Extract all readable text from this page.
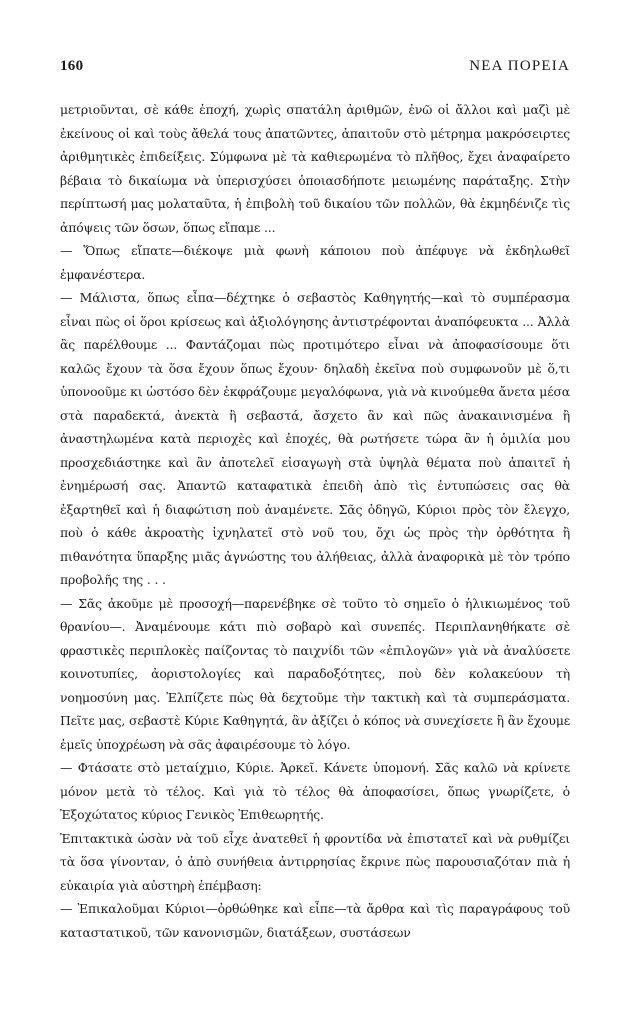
160	ΝΕΑ ΠΟΡΕΙΑ

μετριοῦνται, σὲ κάθε ἐποχή, χωρὶς σπατάλη ἀριθμῶν, ἐνῶ οἱ ἄλλοι καὶ μαζὶ μὲ ἐκείνους οἱ καὶ τοὺς ἄθελά τους ἀπατῶντες, ἀπαιτοῦν στὸ μέτρημα μακρόσειρτες ἀριθμητικὲς ἐπιδείξεις. Σύμφωνα μὲ τὰ καθιερωμένα τὸ πλῆθος, ἔχει ἀναφαίρετο βέβαια τὸ δικαίωμα νὰ ὑπερισχύσει ὁποιασδήποτε μειωμένης παράταξης. Στὴν περίπτωσή μας μολαταῦτα, ἡ ἐπιβολὴ τοῦ δικαίου τῶν πολλῶν, θὰ ἐκμηδένιζε τὶς ἀπόψεις τῶν ὅσων, ὅπως εἴπαμε ...

— Ὅπως εἴπατε—διέκοψε μιὰ φωνὴ κάποιου ποὺ ἀπέφυγε νὰ ἐκδηλωθεῖ ἐμφανέστερα.

— Μάλιστα, ὅπως εἶπα—δέχτηκε ὁ σεβαστὸς Καθηγητής—καὶ τὸ συμπέρασμα εἶναι πὼς οἱ ὅροι κρίσεως καὶ ἀξιολόγησης ἀντιστρέφονται ἀναπόφευκτα ... Ἀλλὰ ἂς παρέλθουμε ... Φαντάζομαι πὼς προτιμότερο εἶναι νὰ ἀποφασίσουμε ὅτι καλῶς ἔχουν τὰ ὅσα ἔχουν ὅπως ἔχουν· δηλαδὴ ἐκεῖνα ποὺ συμφωνοῦν μὲ ὅ,τι ὑπονοοῦμε κι ὡστόσο δὲν ἐκφράζουμε μεγαλόφωνα, γιὰ νὰ κινούμεθα ἄνετα μέσα στὰ παραδεκτά, ἀνεκτὰ ἢ σεβαστά, ἄσχετο ἂν καὶ πῶς ἀνακαινισμένα ἢ ἀναστηλωμένα κατὰ περιοχὲς καὶ ἐποχές, θὰ ρωτήσετε τώρα ἂν ἡ ὁμιλία μου προσχεδιάστηκε καὶ ἂν ἀποτελεῖ εἰσαγωγὴ στὰ ὑψηλὰ θέματα ποὺ ἀπαιτεῖ ἡ ἐνημέρωσή σας. Ἀπαντῶ καταφατικὰ ἐπειδὴ ἀπὸ τὶς ἐντυπώσεις σας θὰ ἐξαρτηθεῖ καὶ ἡ διαφώτιση ποὺ ἀναμένετε. Σᾶς ὁδηγῶ, Κύριοι πρὸς τὸν ἔλεγχο, ποὺ ὁ κάθε ἀκροατὴς ἰχνηλατεῖ στὸ νοῦ του, ὄχι ὡς πρὸς τὴν ὀρθότητα ἢ πιθανότητα ὕπαρξης μιᾶς ἀγνώστης του ἀλήθειας, ἀλλὰ ἀναφορικὰ μὲ τὸν τρόπο προβολῆς της . . .

— Σᾶς ἀκοῦμε μὲ προσοχή—παρενέβηκε σὲ τοῦτο τὸ σημεῖο ὁ ἡλικιωμένος τοῦ θρανίου—. Ἀναμένουμε κάτι πιὸ σοβαρὸ καὶ συνεπές. Περιπλανηθήκατε σὲ φραστικὲς περιπλοκὲς παίζοντας τὸ παιχνίδι τῶν «ἐπιλογῶν» γιὰ νὰ ἀναλύσετε κοινοτυπίες, ἀοριστολογίες καὶ παραδοξότητες, ποὺ δὲν κολακεύουν τὴ νοημοσύνη μας. Ἐλπίζετε πὼς θὰ δεχτοῦμε τὴν τακτικὴ καὶ τὰ συμπεράσματα. Πεῖτε μας, σεβαστὲ Κύριε Καθηγητά, ἂν ἀξίζει ὁ κόπος νὰ συνεχίσετε ἢ ἂν ἔχουμε ἐμεῖς ὑποχρέωση νὰ σᾶς ἀφαιρέσουμε τὸ λόγο.

— Φτάσατε στὸ μεταίχμιο, Κύριε. Ἀρκεῖ. Κάνετε ὑπομονή. Σᾶς καλῶ νὰ κρίνετε μόνον μετὰ τὸ τέλος. Καὶ γιὰ τὸ τέλος θὰ ἀποφασίσει, ὅπως γνωρίζετε, ὁ Ἐξοχώτατος κύριος Γενικὸς Ἐπιθεωρητής.

Ἐπιτακτικὰ ὡσὰν νὰ τοῦ εἶχε ἀνατεθεῖ ἡ φροντίδα νὰ ἐπιστατεῖ καὶ νὰ ρυθμίζει τὰ ὅσα γίνονταν, ὁ ἀπὸ συνήθεια ἀντιρρησίας ἔκρινε πὼς παρουσιαζόταν πιὰ ἡ εὐκαιρία γιὰ αὐστηρὴ ἐπέμβαση:

— Ἐπικαλοῦμαι Κύριοι—ὀρθώθηκε καὶ εἶπε—τὰ ἄρθρα καὶ τὶς παραγράφους τοῦ καταστατικοῦ, τῶν κανονισμῶν, διατάξεων, συστάσεων
